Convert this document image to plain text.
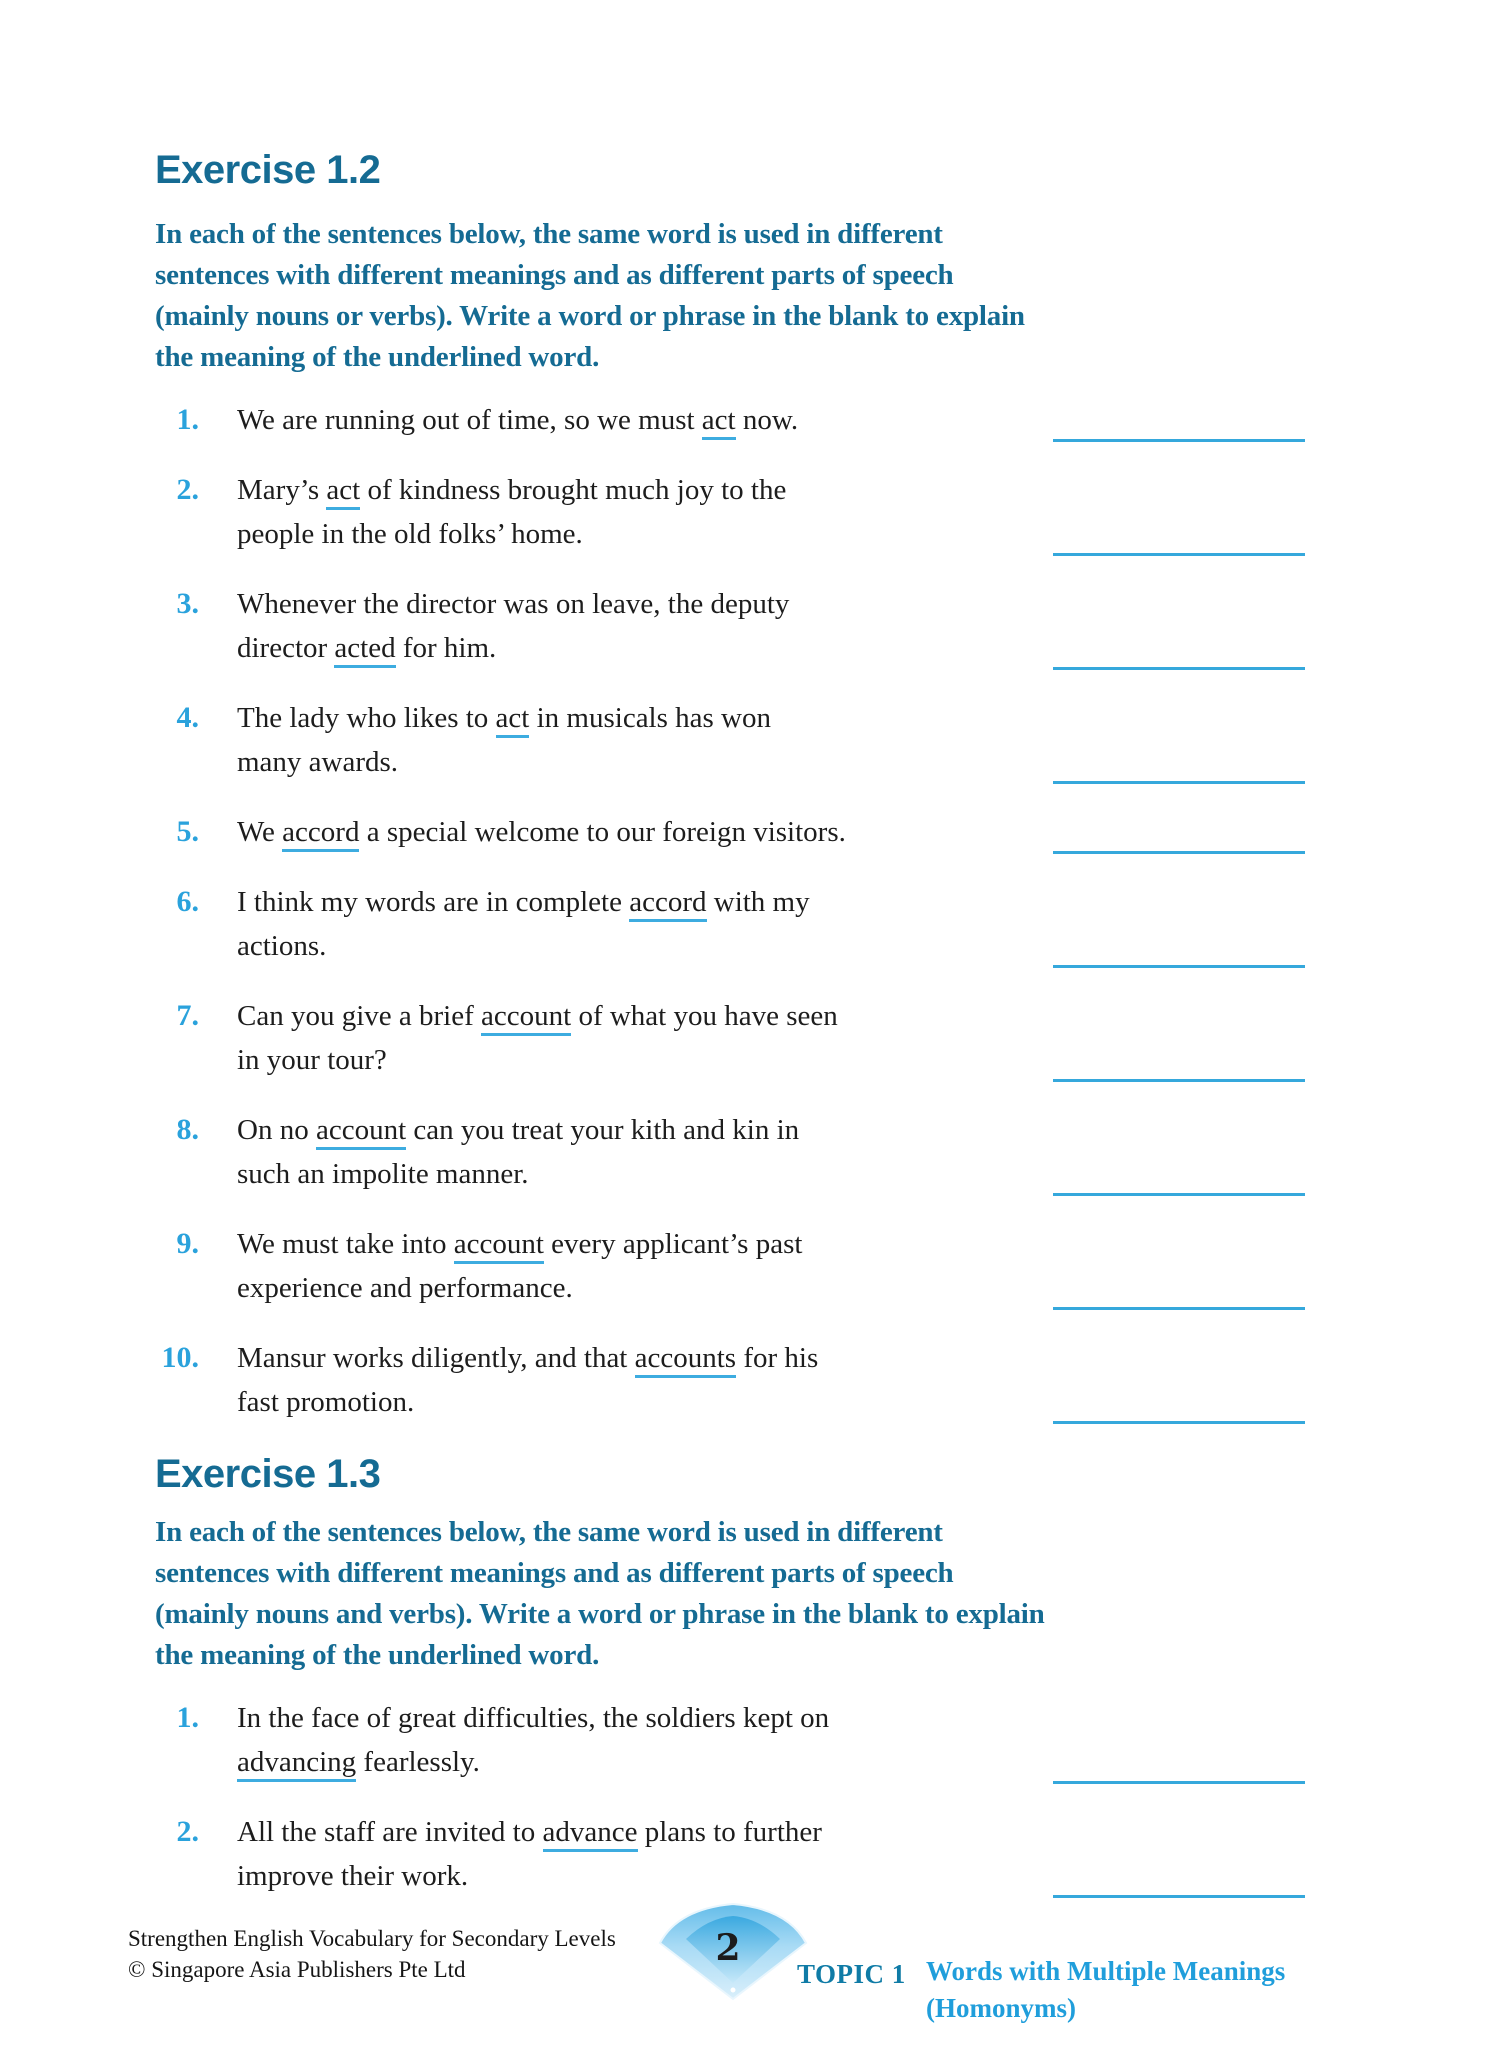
Exercise 1.2

In each of the sentences below, the same word is used in different
sentences with different meanings and as different parts of speech
(mainly nouns or verbs). Write a word or phrase in the blank to explain
the meaning of the underlined word.

1.	We are running out of time, so we must act now.
2.	Mary’s act of kindness brought much joy to the
people in the old folks’ home.
3.	Whenever the director was on leave, the deputy
director acted for him.
4.	The lady who likes to act in musicals has won
many awards.
5.	We accord a special welcome to our foreign visitors.
6.	I think my words are in complete accord with my
actions.
7.	Can you give a brief account of what you have seen
in your tour?
8.	On no account can you treat your kith and kin in
such an impolite manner.
9.	We must take into account every applicant’s past
experience and performance.
10.	Mansur works diligently, and that accounts for his
fast promotion.
Exercise 1.3

In each of the sentences below, the same word is used in different
sentences with different meanings and as different parts of speech
(mainly nouns and verbs). Write a word or phrase in the blank to explain
the meaning of the underlined word.

1.	In the face of great difficulties, the soldiers kept on
advancing fearlessly.
2.	All the staff are invited to advance plans to further
improve their work.
Strengthen English Vocabulary for Secondary Levels
© Singapore Asia Publishers Pte Ltd
2
TOPIC 1 Words with Multiple Meanings
(Homonyms)
